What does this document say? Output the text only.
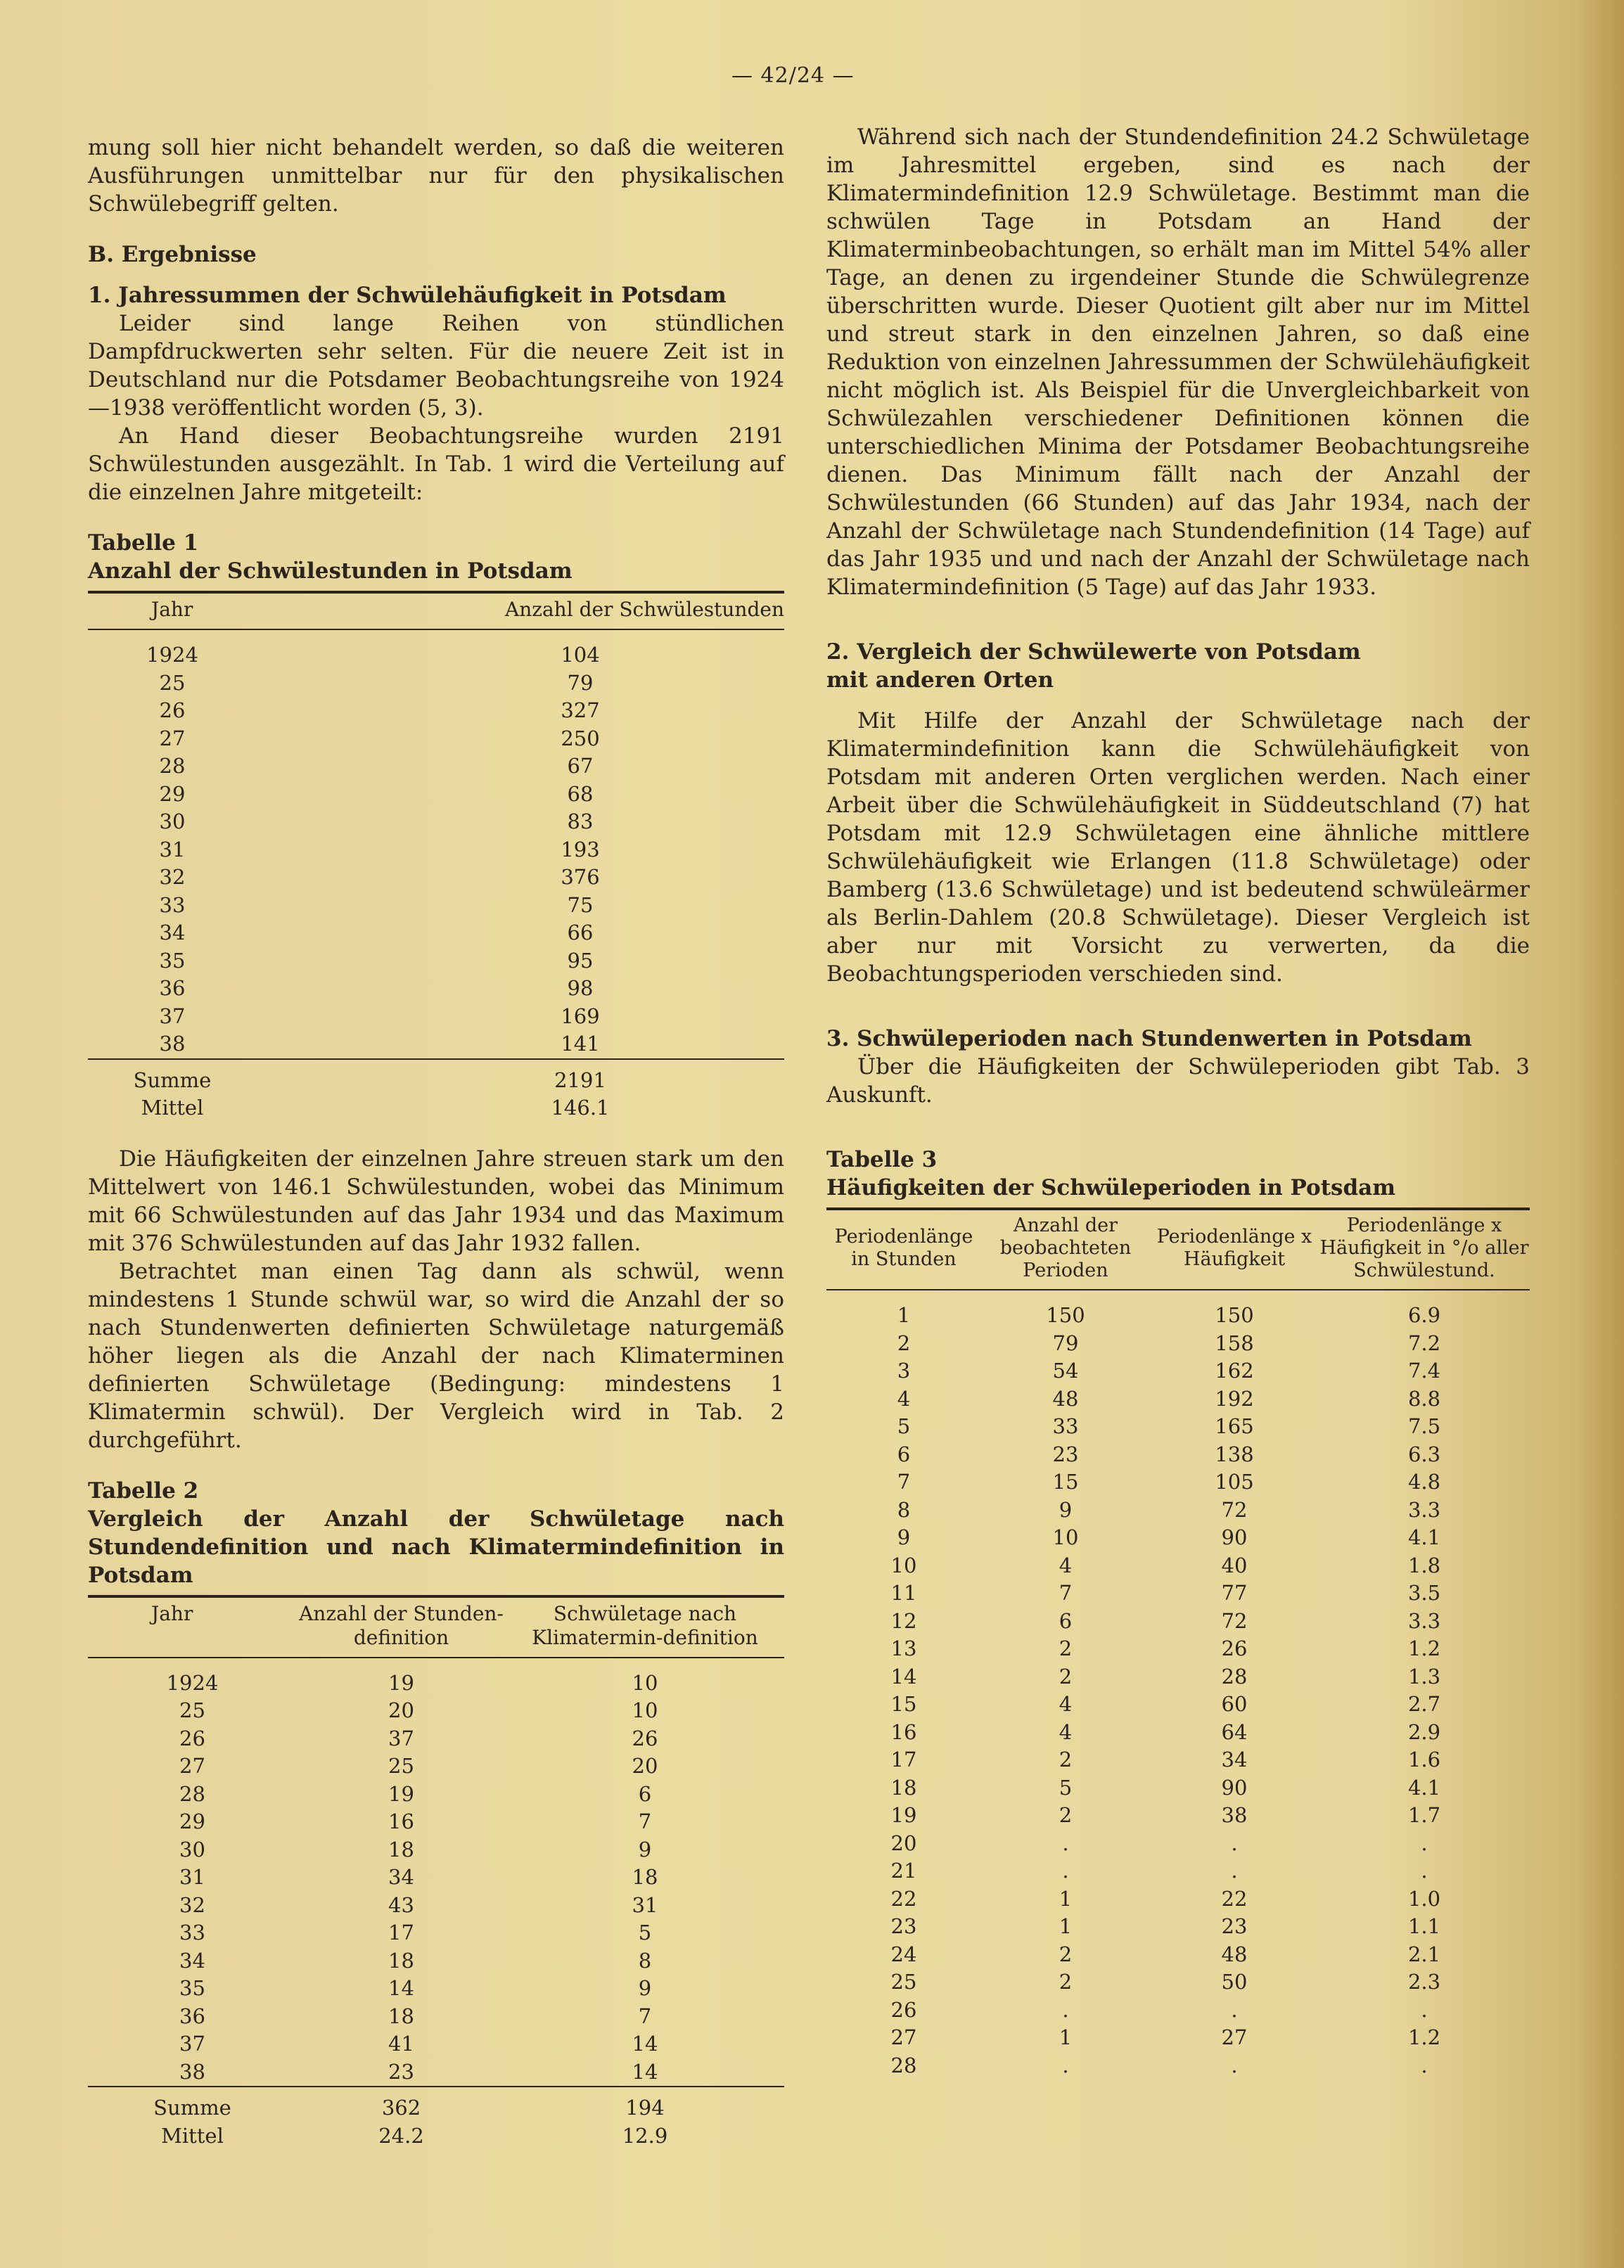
— 42/24 —

mung soll hier nicht behandelt werden, so daß die weiteren Ausführungen unmittelbar nur für den physikalischen Schwülebegriff gelten.

B. Ergebnisse

1. Jahressummen der Schwülehäufigkeit in Potsdam

Leider sind lange Reihen von stündlichen Dampfdruckwerten sehr selten. Für die neuere Zeit ist in Deutschland nur die Potsdamer Beobachtungsreihe von 1924—1938 veröffentlicht worden (5, 3).

An Hand dieser Beobachtungsreihe wurden 2191 Schwülestunden ausgezählt. In Tab. 1 wird die Verteilung auf die einzelnen Jahre mitgeteilt:

Tabelle 1

Anzahl der Schwülestunden in Potsdam

Jahr	Anzahl der Schwülestunden
1924	104
25	79
26	327
27	250
28	67
29	68
30	83
31	193
32	376
33	75
34	66
35	95
36	98
37	169
38	141
Summe	2191
Mittel	146.1

Die Häufigkeiten der einzelnen Jahre streuen stark um den Mittelwert von 146.1 Schwülestunden, wobei das Minimum mit 66 Schwülestunden auf das Jahr 1934 und das Maximum mit 376 Schwülestunden auf das Jahr 1932 fallen.

Betrachtet man einen Tag dann als schwül, wenn mindestens 1 Stunde schwül war, so wird die Anzahl der so nach Stundenwerten definierten Schwületage naturgemäß höher liegen als die Anzahl der nach Klimaterminen definierten Schwületage (Bedingung: mindestens 1 Klimatermin schwül). Der Vergleich wird in Tab. 2 durchgeführt.

Tabelle 2

Vergleich der Anzahl der Schwületage nach Stundendefinition und nach Klimatermindefinition in Potsdam

Jahr	Anzahl der Stunden-definition	Schwületage nach Klimatermin-definition
1924	19	10
25	20	10
26	37	26
27	25	20
28	19	6
29	16	7
30	18	9
31	34	18
32	43	31
33	17	5
34	18	8
35	14	9
36	18	7
37	41	14
38	23	14
Summe	362	194
Mittel	24.2	12.9

Während sich nach der Stundendefinition 24.2 Schwületage im Jahresmittel ergeben, sind es nach der Klimatermindefinition 12.9 Schwületage. Bestimmt man die schwülen Tage in Potsdam an Hand der Klimaterminbeobachtungen, so erhält man im Mittel 54% aller Tage, an denen zu irgendeiner Stunde die Schwülegrenze überschritten wurde. Dieser Quotient gilt aber nur im Mittel und streut stark in den einzelnen Jahren, so daß eine Reduktion von einzelnen Jahressummen der Schwülehäufigkeit nicht möglich ist. Als Beispiel für die Unvergleichbarkeit von Schwülezahlen verschiedener Definitionen können die unterschiedlichen Minima der Potsdamer Beobachtungsreihe dienen. Das Minimum fällt nach der Anzahl der Schwülestunden (66 Stunden) auf das Jahr 1934, nach der Anzahl der Schwületage nach Stundendefinition (14 Tage) auf das Jahr 1935 und und nach der Anzahl der Schwületage nach Klimatermindefinition (5 Tage) auf das Jahr 1933.

2. Vergleich der Schwülewerte von Potsdam

mit anderen Orten

Mit Hilfe der Anzahl der Schwületage nach der Klimatermindefinition kann die Schwülehäufigkeit von Potsdam mit anderen Orten verglichen werden. Nach einer Arbeit über die Schwülehäufigkeit in Süddeutschland (7) hat Potsdam mit 12.9 Schwületagen eine ähnliche mittlere Schwülehäufigkeit wie Erlangen (11.8 Schwületage) oder Bamberg (13.6 Schwületage) und ist bedeutend schwüleärmer als Berlin-Dahlem (20.8 Schwületage). Dieser Vergleich ist aber nur mit Vorsicht zu verwerten, da die Beobachtungsperioden verschieden sind.

3. Schwüleperioden nach Stundenwerten in Potsdam

Über die Häufigkeiten der Schwüleperioden gibt Tab. 3 Auskunft.

Tabelle 3

Häufigkeiten der Schwüleperioden in Potsdam

Periodenlänge in Stunden	Anzahl der beobachteten Perioden	Periodenlänge x Häufigkeit	Periodenlänge x Häufigkeit in °/o aller Schwülestund.
1	150	150	6.9
2	79	158	7.2
3	54	162	7.4
4	48	192	8.8
5	33	165	7.5
6	23	138	6.3
7	15	105	4.8
8	9	72	3.3
9	10	90	4.1
10	4	40	1.8
11	7	77	3.5
12	6	72	3.3
13	2	26	1.2
14	2	28	1.3
15	4	60	2.7
16	4	64	2.9
17	2	34	1.6
18	5	90	4.1
19	2	38	1.7
20	.	.	.
21	.	.	.
22	1	22	1.0
23	1	23	1.1
24	2	48	2.1
25	2	50	2.3
26	.	.	.
27	1	27	1.2
28	.	.	.
